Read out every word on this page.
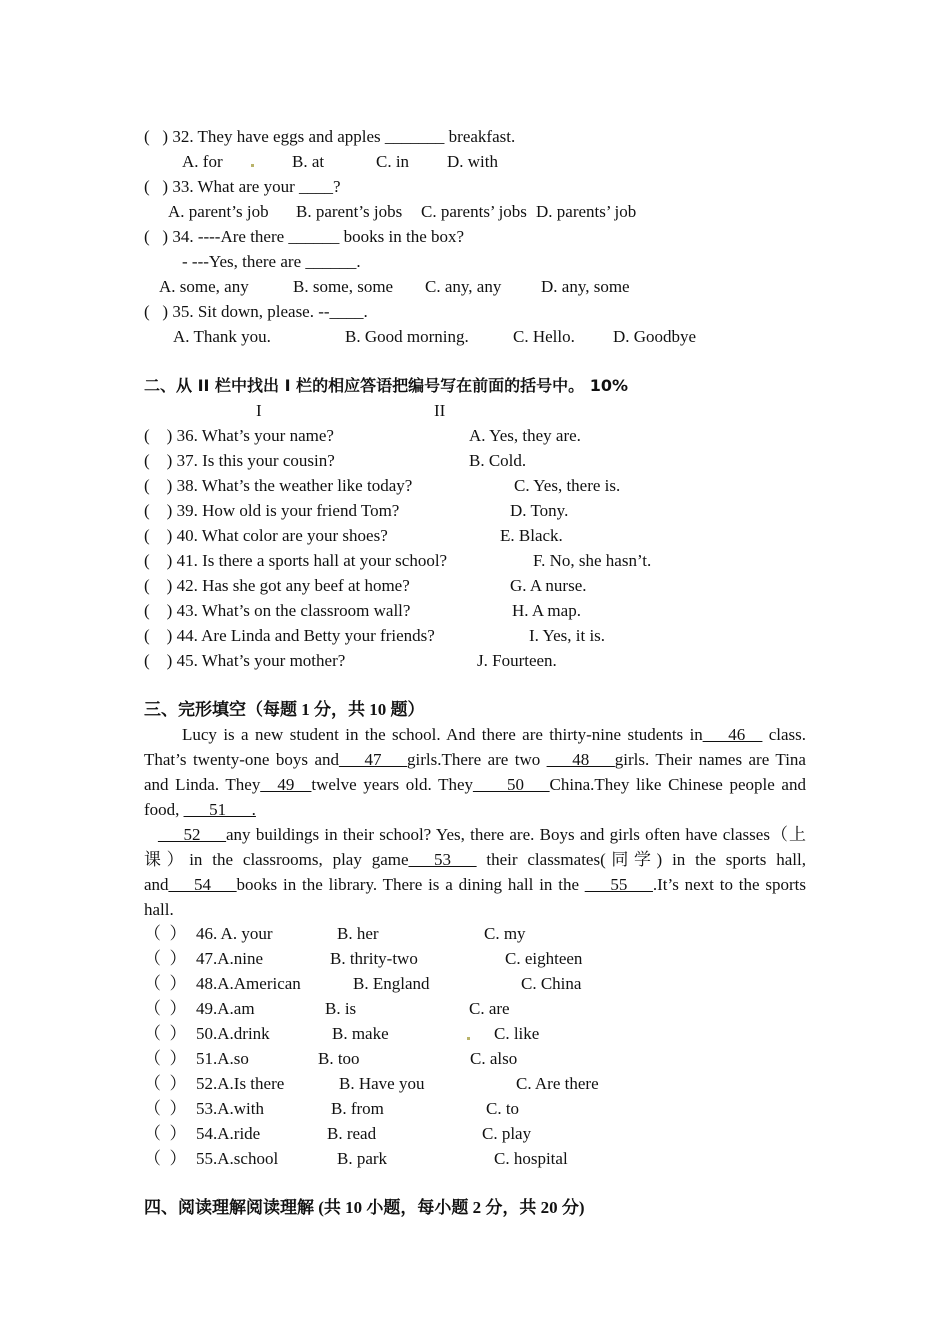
(   ) 32. They have eggs and apples _______ breakfast.
A. for	B. at	C. in D. with
(   ) 33. What are your ____?
A. parent’s job B. parent’s jobs C. parents’ jobs D. parents’ job
(   ) 34. ----Are there ______ books in the box?
- ---Yes, there are ______.
A. some, any	B. some, some C. any, any D. any, some
(   ) 35. Sit down, please. --____.
A. Thank you.	B. Good morning.	C. Hello. D. Goodbye
二、从 II 栏中找出 I 栏的相应答语把编号写在前面的括号中。 10%
I	II
(    ) 36. What’s your name?	A. Yes, they are.
(    ) 37. Is this your cousin?	B. Cold.
(    ) 38. What’s the weather like today?	C. Yes, there is.
(    ) 39. How old is your friend Tom?	D. Tony.
(    ) 40. What color are your shoes?	E. Black.
(    ) 41. Is there a sports hall at your school?	F. No, she hasn’t.
(    ) 42. Has she got any beef at home?	G. A nurse.
(    ) 43. What’s on the classroom wall?	H. A map.
(    ) 44. Are Linda and Betty your friends?	I. Yes, it is.
(    ) 45. What’s your mother?	J. Fourteen.
三、完形填空（每题 1 分，共 10 题）
Lucy is a new student in the school. And there are thirty-nine students in___46__ class. That’s twenty-one boys and___47___girls.There are two ___48___girls. Their names are Tina and Linda. They__49__twelve years old. They____50___China.They like Chinese people and food, ___51___.
___52___any buildings in their school? Yes, there are. Boys and girls often have classes（上课）in the classrooms, play game___53___ their classmates(同学) in the sports hall, and___54___books in the library. There is a dining hall in the ___55___.It’s next to the sports hall.
（  ） 46. A. your	B. her	C. my
（  ） 47.A.nine	B. thrity-two	C. eighteen
（  ） 48.A.American	B. England	C. China
（  ） 49.A.am	B. is	C. are
（  ） 50.A.drink	B. make	C. like
（  ） 51.A.so	B. too	C. also
（  ） 52.A.Is there	B. Have you	C. Are there
（  ） 53.A.with	B. from	C. to
（  ） 54.A.ride	B. read	C. play
（  ） 55.A.school	B. park	C. hospital
四、阅读理解阅读理解 (共 10 小题，每小题 2 分，共 20 分)
